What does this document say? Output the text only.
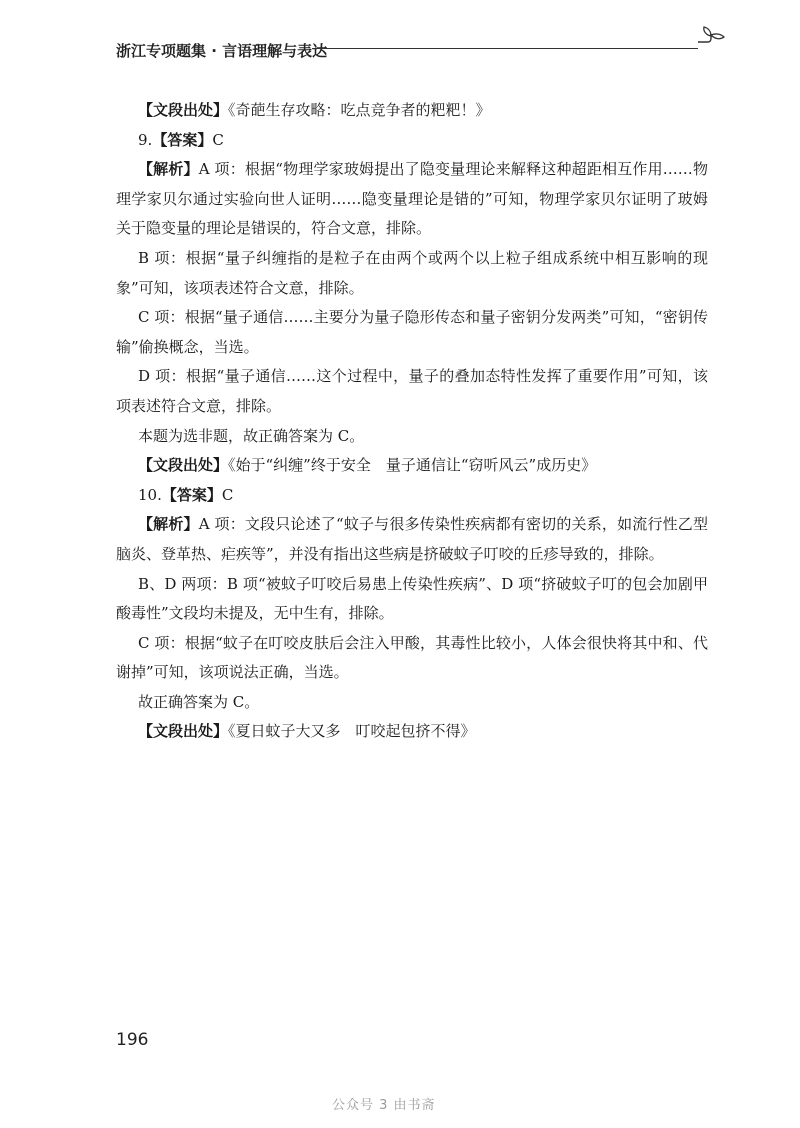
浙江专项题集 · 言语理解与表达

【文段出处】《奇葩生存攻略：吃点竞争者的粑粑！》

9.【答案】C

【解析】A 项：根据“物理学家玻姆提出了隐变量理论来解释这种超距相互作用……物理学家贝尔通过实验向世人证明……隐变量理论是错的”可知，物理学家贝尔证明了玻姆关于隐变量的理论是错误的，符合文意，排除。

B 项：根据“量子纠缠指的是粒子在由两个或两个以上粒子组成系统中相互影响的现象”可知，该项表述符合文意，排除。

C 项：根据“量子通信……主要分为量子隐形传态和量子密钥分发两类”可知，“密钥传输”偷换概念，当选。

D 项：根据“量子通信……这个过程中，量子的叠加态特性发挥了重要作用”可知，该项表述符合文意，排除。

本题为选非题，故正确答案为 C。

【文段出处】《始于“纠缠”终于安全　量子通信让“窃听风云”成历史》

10.【答案】C

【解析】A 项：文段只论述了“蚊子与很多传染性疾病都有密切的关系，如流行性乙型脑炎、登革热、疟疾等”，并没有指出这些病是挤破蚊子叮咬的丘疹导致的，排除。

B、D 两项：B 项“被蚊子叮咬后易患上传染性疾病”、D 项“挤破蚊子叮的包会加剧甲酸毒性”文段均未提及，无中生有，排除。

C 项：根据“蚊子在叮咬皮肤后会注入甲酸，其毒性比较小，人体会很快将其中和、代谢掉”可知，该项说法正确，当选。

故正确答案为 C。

【文段出处】《夏日蚊子大又多　叮咬起包挤不得》

196
公众号 3 由书斋
